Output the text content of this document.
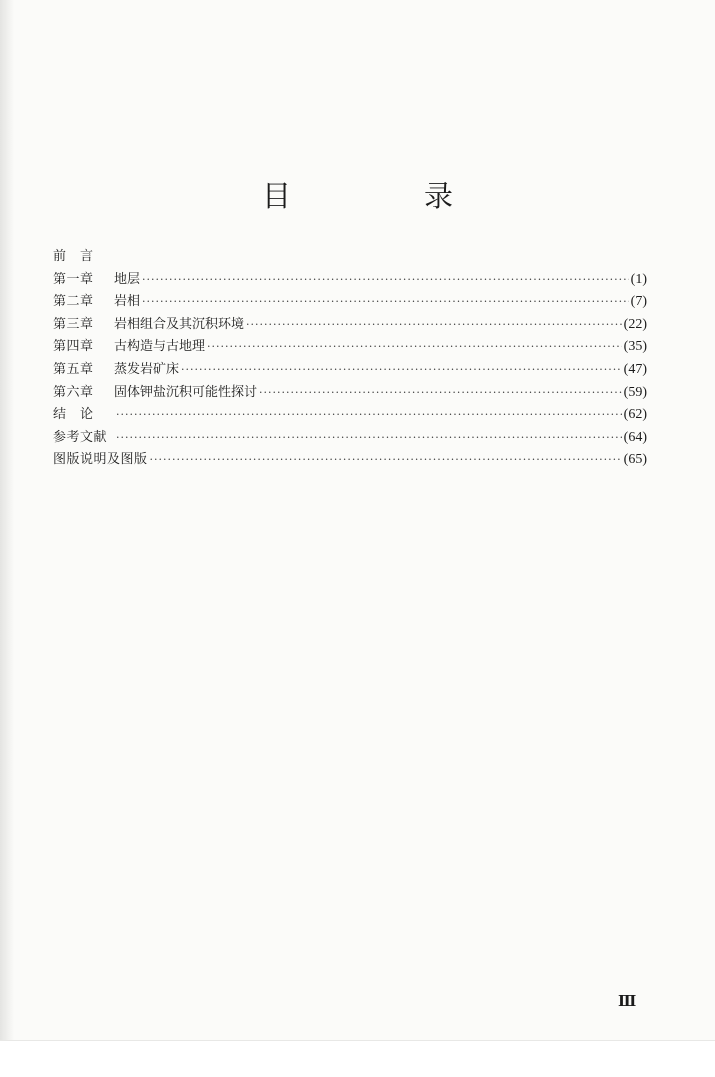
目　录
前　言
第一章	地层 ·····	(1)
第二章	岩相 ·····	(7)
第三章	岩相组合及其沉积环境 ·····	(22)
第四章	古构造与古地理 ·····	(35)
第五章	蒸发岩矿床 ·····	(47)
第六章	固体钾盐沉积可能性探讨 ·····	(59)
结　论 ·····	(62)
参考文献 ·····	(64)
图版说明及图版 ·····	(65)
Ⅲ
